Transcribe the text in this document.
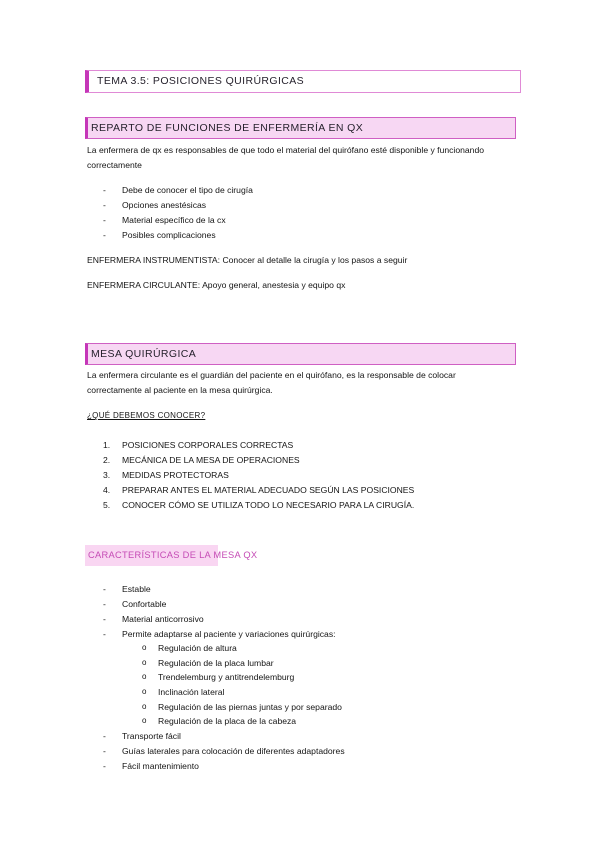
TEMA 3.5: POSICIONES QUIRÚRGICAS
REPARTO DE FUNCIONES DE ENFERMERÍA EN QX
La enfermera de qx es responsables de que todo el material del quirófano esté disponible y funcionando correctamente
- Debe de conocer el tipo de cirugía
- Opciones anestésicas
- Material específico de la cx
- Posibles complicaciones
ENFERMERA INSTRUMENTISTA: Conocer al detalle la cirugía y los pasos a seguir
ENFERMERA CIRCULANTE: Apoyo general, anestesia y equipo qx
MESA QUIRÚRGICA
La enfermera circulante es el guardián del paciente en el quirófano, es la responsable de colocar correctamente al paciente en la mesa quirúrgica.
¿QUÉ DEBEMOS CONOCER?
1. POSICIONES CORPORALES CORRECTAS
2. MECÁNICA DE LA MESA DE OPERACIONES
3. MEDIDAS PROTECTORAS
4. PREPARAR ANTES EL MATERIAL ADECUADO SEGÚN LAS POSICIONES
5. CONOCER CÓMO SE UTILIZA TODO LO NECESARIO PARA LA CIRUGÍA.
CARACTERÍSTICAS DE LA MESA QX
- Estable
- Confortable
- Material anticorrosivo
- Permite adaptarse al paciente y variaciones quirúrgicas:
o Regulación de altura
o Regulación de la placa lumbar
o Trendelemburg y antitrendelemburg
o Inclinación lateral
o Regulación de las piernas juntas y por separado
o Regulación de la placa de la cabeza
- Transporte fácil
- Guías laterales para colocación de diferentes adaptadores
- Fácil mantenimiento
